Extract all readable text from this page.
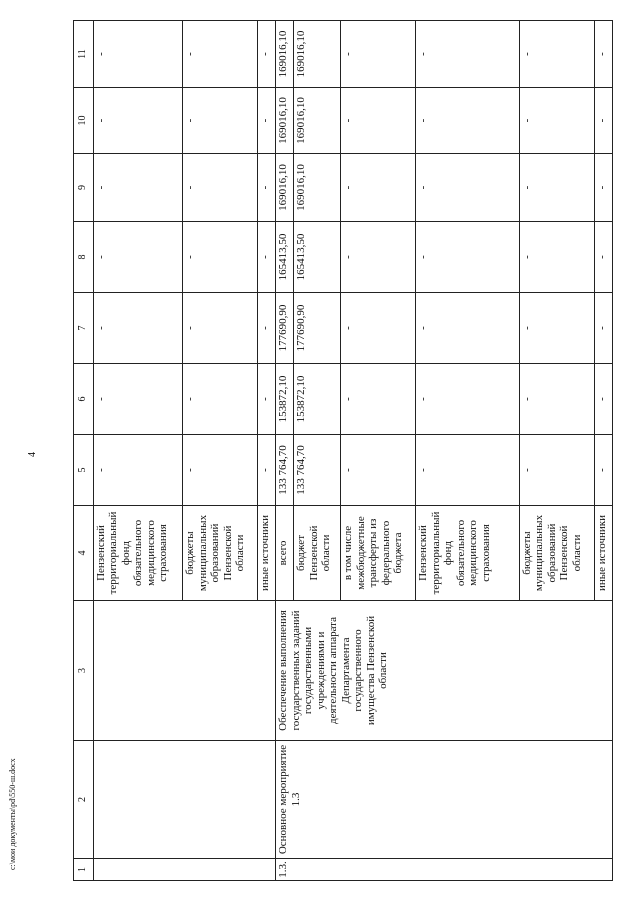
4
c:\мои документы\pd\550-ш.docx	1	2	3	4	5	6	7	8	9	10	11
			Пензенский территориальный фонд обязательного медицинского страхования	-	-	-	-	-	-	-
			бюджеты муниципальных образований Пензенской области	-	-	-	-	-	-	-
			иные источники	-	-	-	-	-	-	-
1.3.	Основное мероприятие 1.3	Обеспечение выполнения государственных заданий государственными учреждениями и деятельности аппарата Департамента государственного имущества Пензенской области	всего	133 764,70	153872,10	177690,90	165413,50	169016,10	169016,10	169016,10
			бюджет Пензенской области	133 764,70	153872,10	177690,90	165413,50	169016,10	169016,10	169016,10
			в том числе межбюджетные трансферты из федерального бюджета	-	-	-	-	-	-	-
			Пензенский территориальный фонд обязательного медицинского страхования	-	-	-	-	-	-	-
			бюджеты муниципальных образований Пензенской области	-	-	-	-	-	-	-
			иные источники	-	-	-	-	-	-	-
